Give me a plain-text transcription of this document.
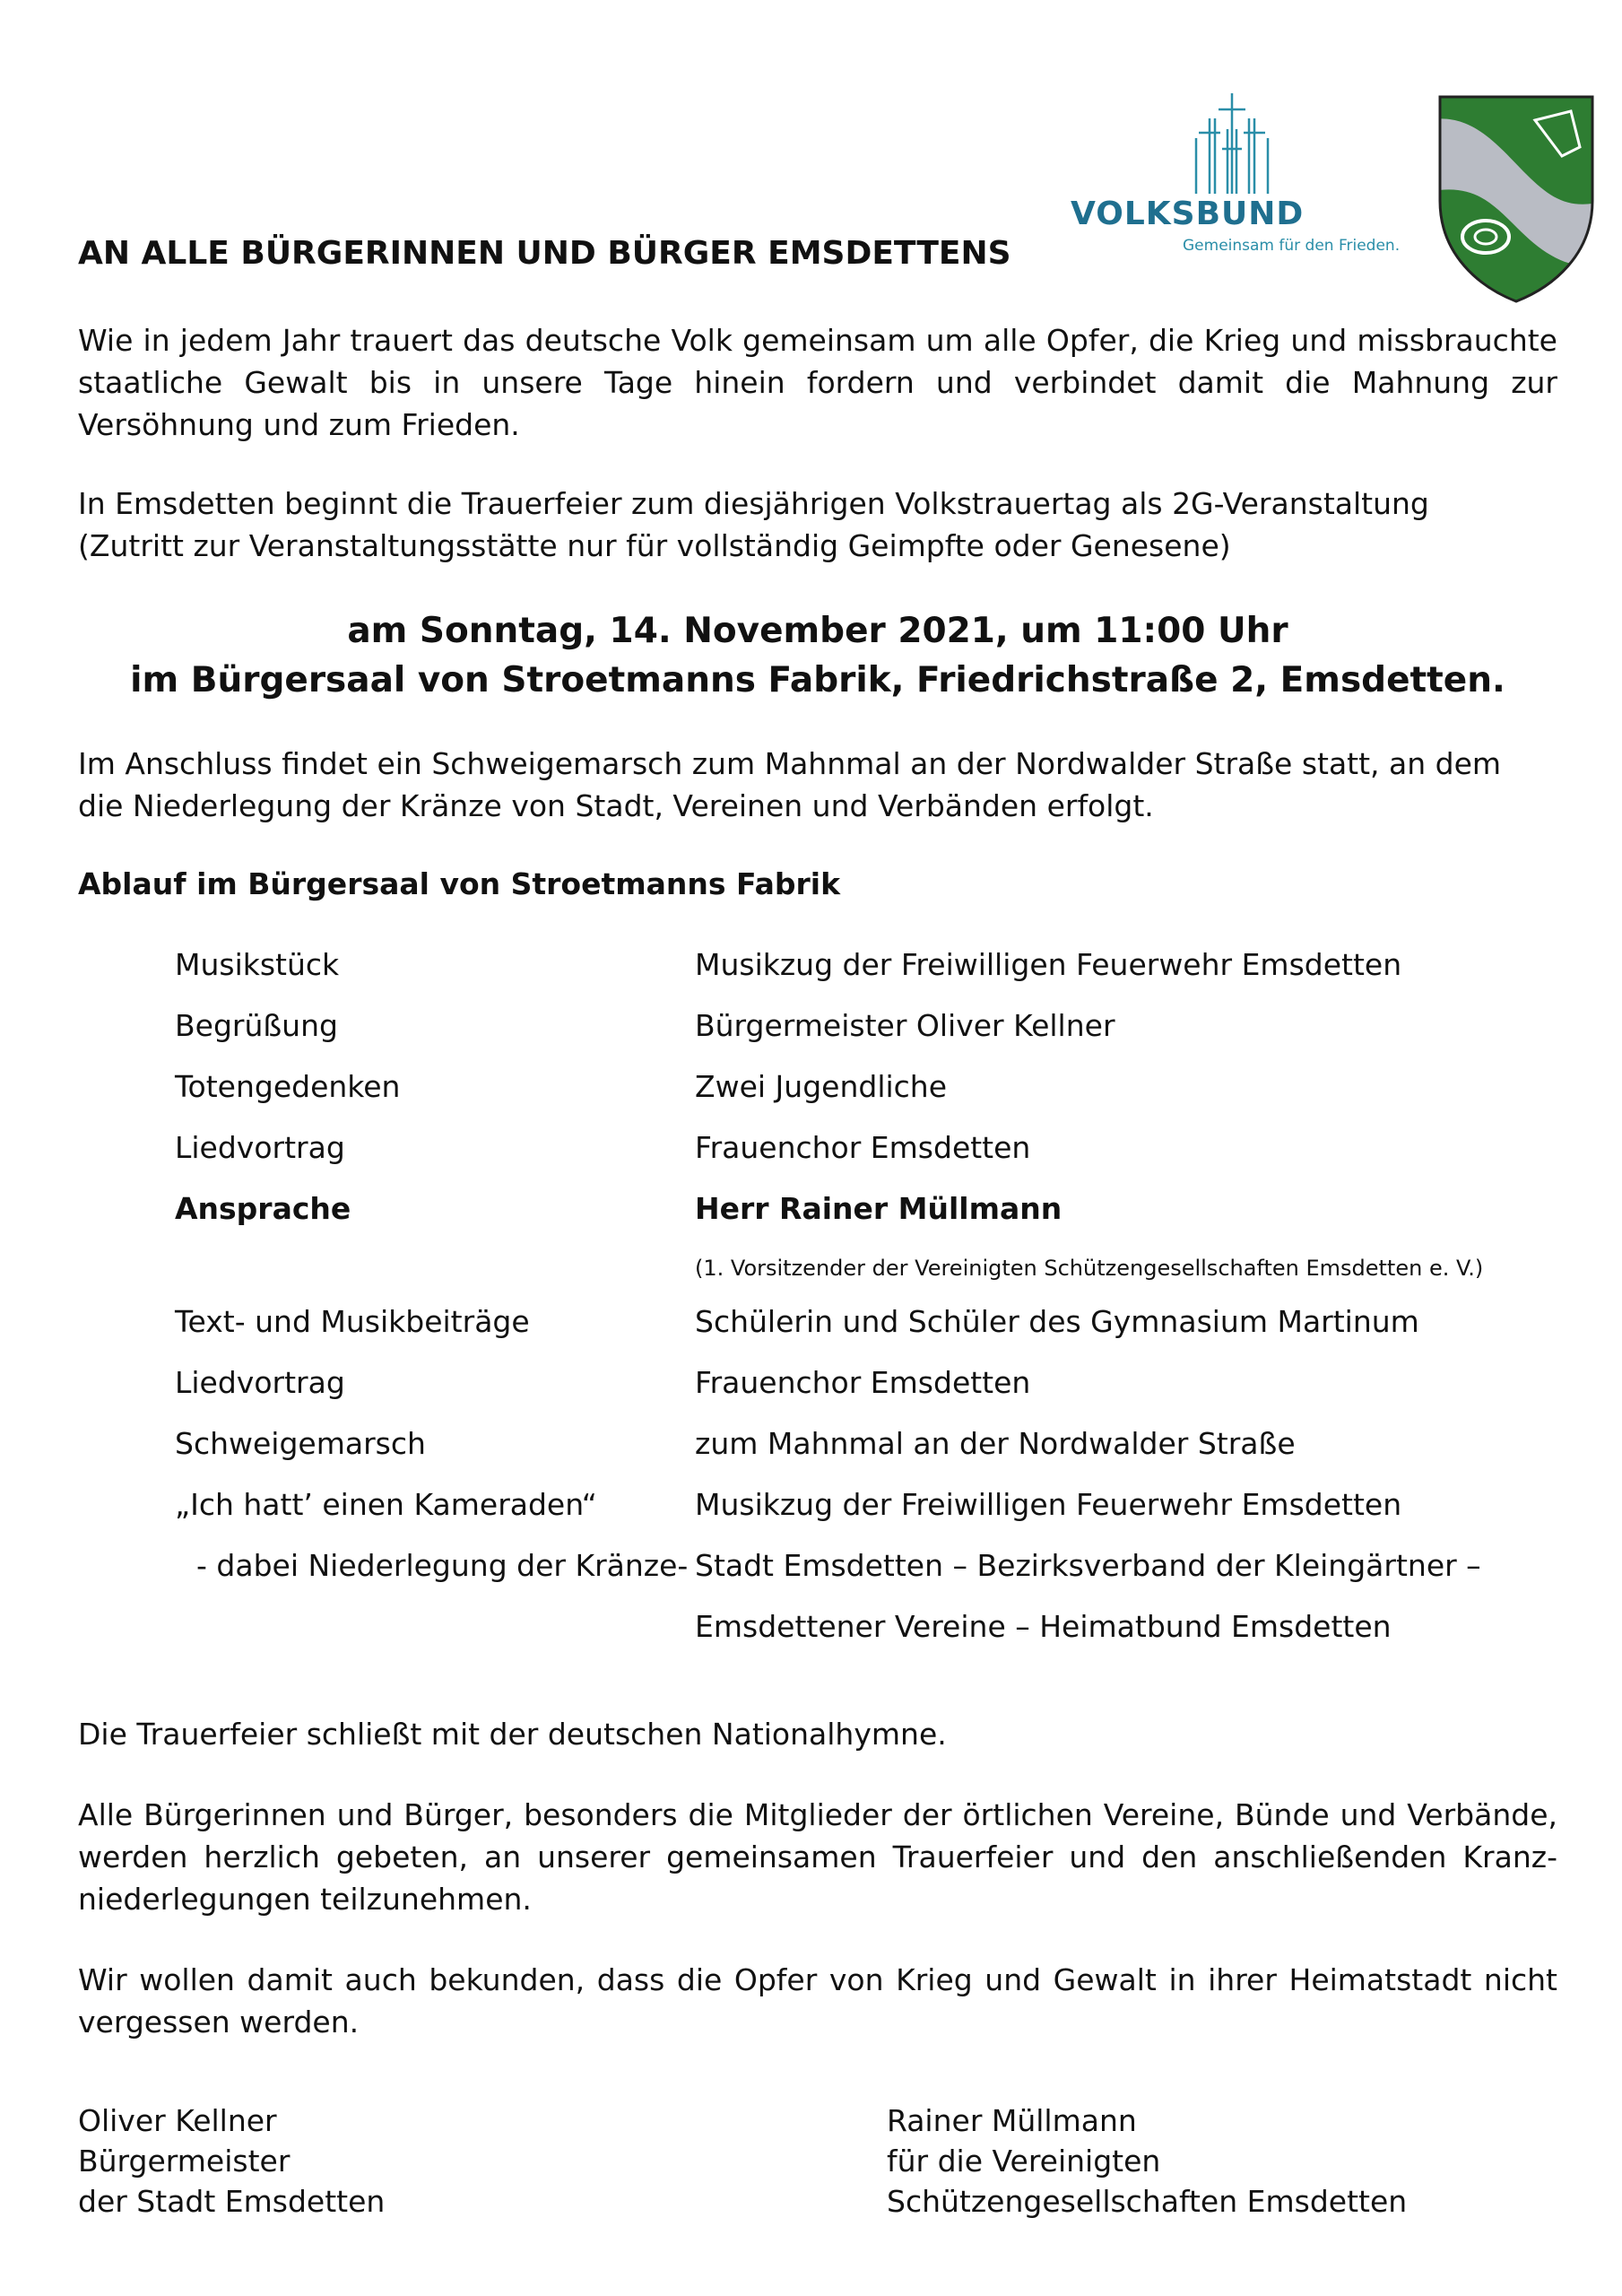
VOLKSBUND
Gemeinsam für den Frieden.
AN ALLE BÜRGERINNEN UND BÜRGER EMSDETTENS

Wie in jedem Jahr trauert das deutsche Volk gemeinsam um alle Opfer, die Krieg und missbrauchte staatliche Gewalt bis in unsere Tage hinein fordern und verbindet damit die Mahnung zur Versöhnung und zum Frieden.

In Emsdetten beginnt die Trauerfeier zum diesjährigen Volkstrauertag als 2G-Veranstaltung
(Zutritt zur Veranstaltungsstätte nur für vollständig Geimpfte oder Genesene)
am Sonntag, 14. November 2021, um 11:00 Uhr
im Bürgersaal von Stroetmanns Fabrik, Friedrichstraße 2, Emsdetten.
Im Anschluss findet ein Schweigemarsch zum Mahnmal an der Nordwalder Straße statt, an dem
die Niederlegung der Kränze von Stadt, Vereinen und Verbänden erfolgt.
Ablauf im Bürgersaal von Stroetmanns Fabrik
Musikstück	Musikzug der Freiwilligen Feuerwehr Emsdetten
Begrüßung	Bürgermeister Oliver Kellner
Totengedenken	Zwei Jugendliche
Liedvortrag	Frauenchor Emsdetten
Ansprache	Herr Rainer Müllmann
(1. Vorsitzender der Vereinigten Schützengesellschaften Emsdetten e. V.)
Text- und Musikbeiträge	Schülerin und Schüler des Gymnasium Martinum
Liedvortrag	Frauenchor Emsdetten
Schweigemarsch	zum Mahnmal an der Nordwalder Straße
„Ich hatt’ einen Kameraden“	Musikzug der Freiwilligen Feuerwehr Emsdetten
- dabei Niederlegung der Kränze- Stadt Emsdetten – Bezirksverband der Kleingärtner –
Emsdettener Vereine – Heimatbund Emsdetten

Die Trauerfeier schließt mit der deutschen Nationalhymne.

Alle Bürgerinnen und Bürger, besonders die Mitglieder der örtlichen Vereine, Bünde und Verbände, werden herzlich gebeten, an unserer gemeinsamen Trauerfeier und den anschließenden Kranz-niederlegungen teilzunehmen.

Wir wollen damit auch bekunden, dass die Opfer von Krieg und Gewalt in ihrer Heimatstadt nicht vergessen werden.

Oliver Kellner
Bürgermeister
der Stadt Emsdetten
Rainer Müllmann
für die Vereinigten
Schützengesellschaften Emsdetten
